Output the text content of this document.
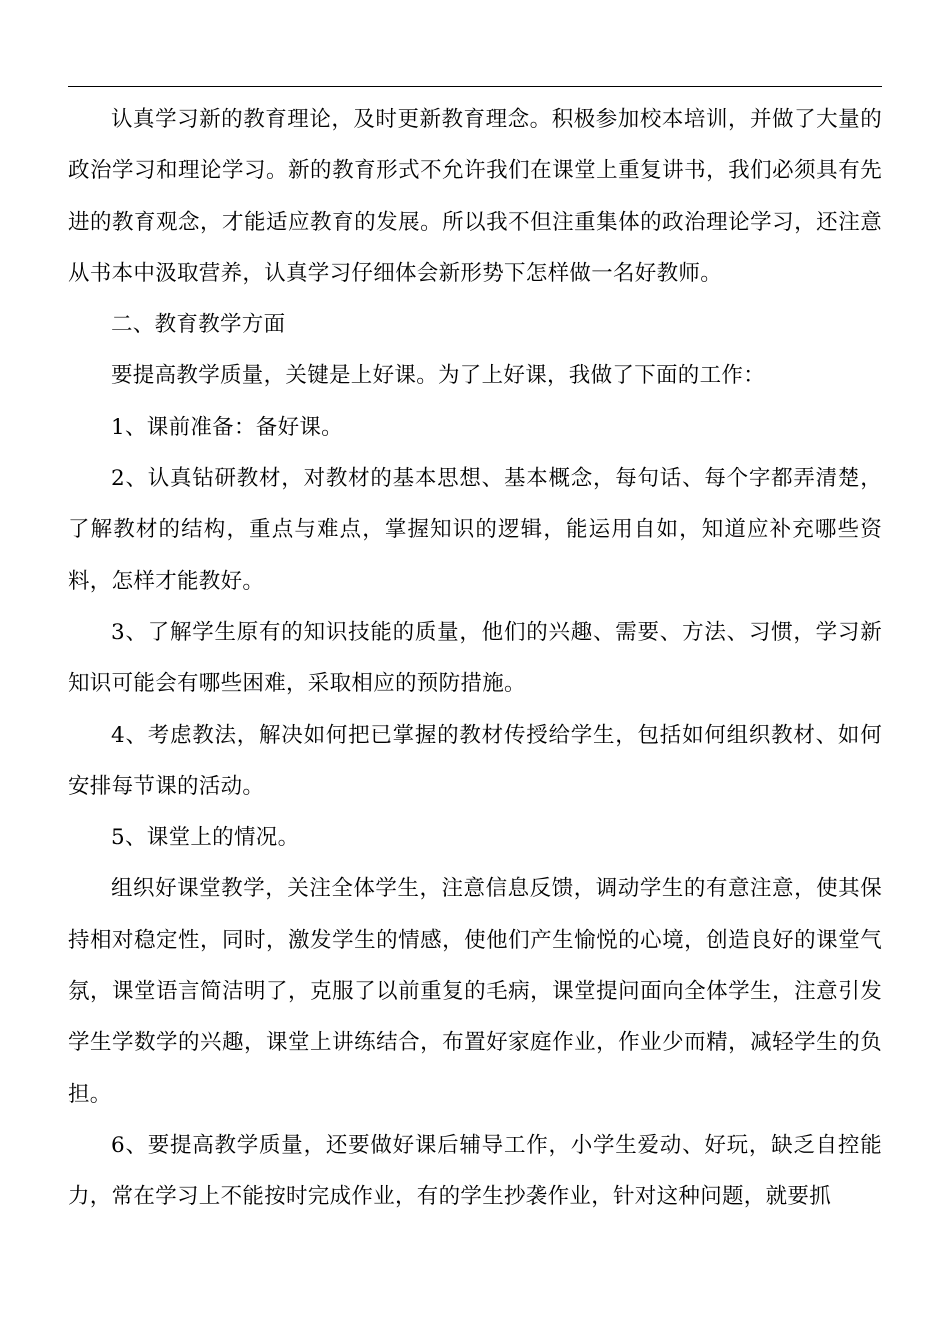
认真学习新的教育理论，及时更新教育理念。积极参加校本培训，并做了大量的政治学习和理论学习。新的教育形式不允许我们在课堂上重复讲书，我们必须具有先进的教育观念，才能适应教育的发展。所以我不但注重集体的政治理论学习，还注意从书本中汲取营养，认真学习仔细体会新形势下怎样做一名好教师。

二、教育教学方面

要提高教学质量，关键是上好课。为了上好课，我做了下面的工作：

1、课前准备：备好课。

2、认真钻研教材，对教材的基本思想、基本概念，每句话、每个字都弄清楚，了解教材的结构，重点与难点，掌握知识的逻辑，能运用自如，知道应补充哪些资料，怎样才能教好。

3、了解学生原有的知识技能的质量，他们的兴趣、需要、方法、习惯，学习新知识可能会有哪些困难，采取相应的预防措施。

4、考虑教法，解决如何把已掌握的教材传授给学生，包括如何组织教材、如何安排每节课的活动。

5、课堂上的情况。

组织好课堂教学，关注全体学生，注意信息反馈，调动学生的有意注意，使其保持相对稳定性，同时，激发学生的情感，使他们产生愉悦的心境，创造良好的课堂气氛，课堂语言简洁明了，克服了以前重复的毛病，课堂提问面向全体学生，注意引发学生学数学的兴趣，课堂上讲练结合，布置好家庭作业，作业少而精，减轻学生的负担。

6、要提高教学质量，还要做好课后辅导工作，小学生爱动、好玩，缺乏自控能力，常在学习上不能按时完成作业，有的学生抄袭作业，针对这种问题，就要抓
